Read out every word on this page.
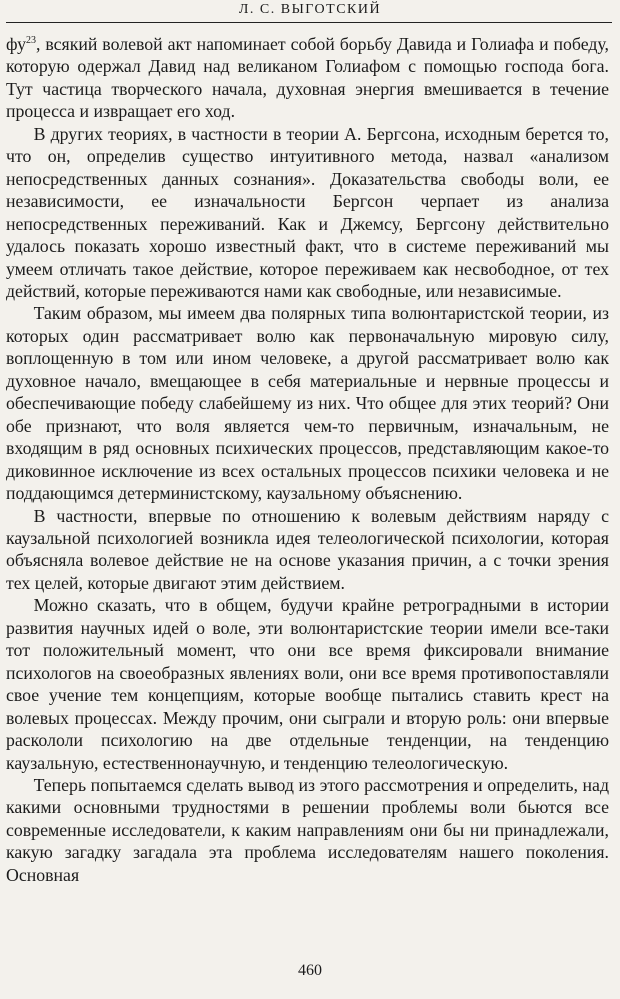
Л. С. ВЫГОТСКИЙ

$фу^{23}$, всякий волевой акт напоминает собой борьбу Давида и Голиафа и победу, которую одержал Давид над великаном Голиафом с помощью господа бога. Тут частица творческого начала, духовная энергия вмешивается в течение процесса и извращает его ход.

В других теориях, в частности в теории А. Бергсона, исходным берется то, что он, определив существо интуитивного метода, назвал «анализом непосредственных данных сознания». Доказательства свободы воли, ее независимости, ее изначальности Бергсон черпает из анализа непосредственных переживаний. Как и Джемсу, Бергсону действительно удалось показать хорошо известный факт, что в системе переживаний мы умеем отличать такое действие, которое переживаем как несвободное, от тех действий, которые переживаются нами как свободные, или независимые.

Таким образом, мы имеем два полярных типа волюнтаристской теории, из которых один рассматривает волю как первоначальную мировую силу, воплощенную в том или ином человеке, а другой рассматривает волю как духовное начало, вмещающее в себя материальные и нервные процессы и обеспечивающие победу слабейшему из них. Что общее для этих теорий? Они обе признают, что воля является чем-то первичным, изначальным, не входящим в ряд основных психических процессов, представляющим какое-то диковинное исключение из всех остальных процессов психики человека и не поддающимся детерминистскому, каузальному объяснению.

В частности, впервые по отношению к волевым действиям наряду с каузальной психологией возникла идея телеологической психологии, которая объясняла волевое действие не на основе указания причин, а с точки зрения тех целей, которые двигают этим действием.

Можно сказать, что в общем, будучи крайне ретроградными в истории развития научных идей о воле, эти волюнтаристские теории имели все-таки тот положительный момент, что они все время фиксировали внимание психологов на своеобразных явлениях воли, они все время противопоставляли свое учение тем концепциям, которые вообще пытались ставить крест на волевых процессах. Между прочим, они сыграли и вторую роль: они впервые раскололи психологию на две отдельные тенденции, на тенденцию каузальную, естественнонаучную, и тенденцию телеологическую.

Теперь попытаемся сделать вывод из этого рассмотрения и определить, над какими основными трудностями в решении проблемы воли бьются все современные исследователи, к каким направлениям они бы ни принадлежали, какую загадку загадала эта проблема исследователям нашего поколения. Основная

460
